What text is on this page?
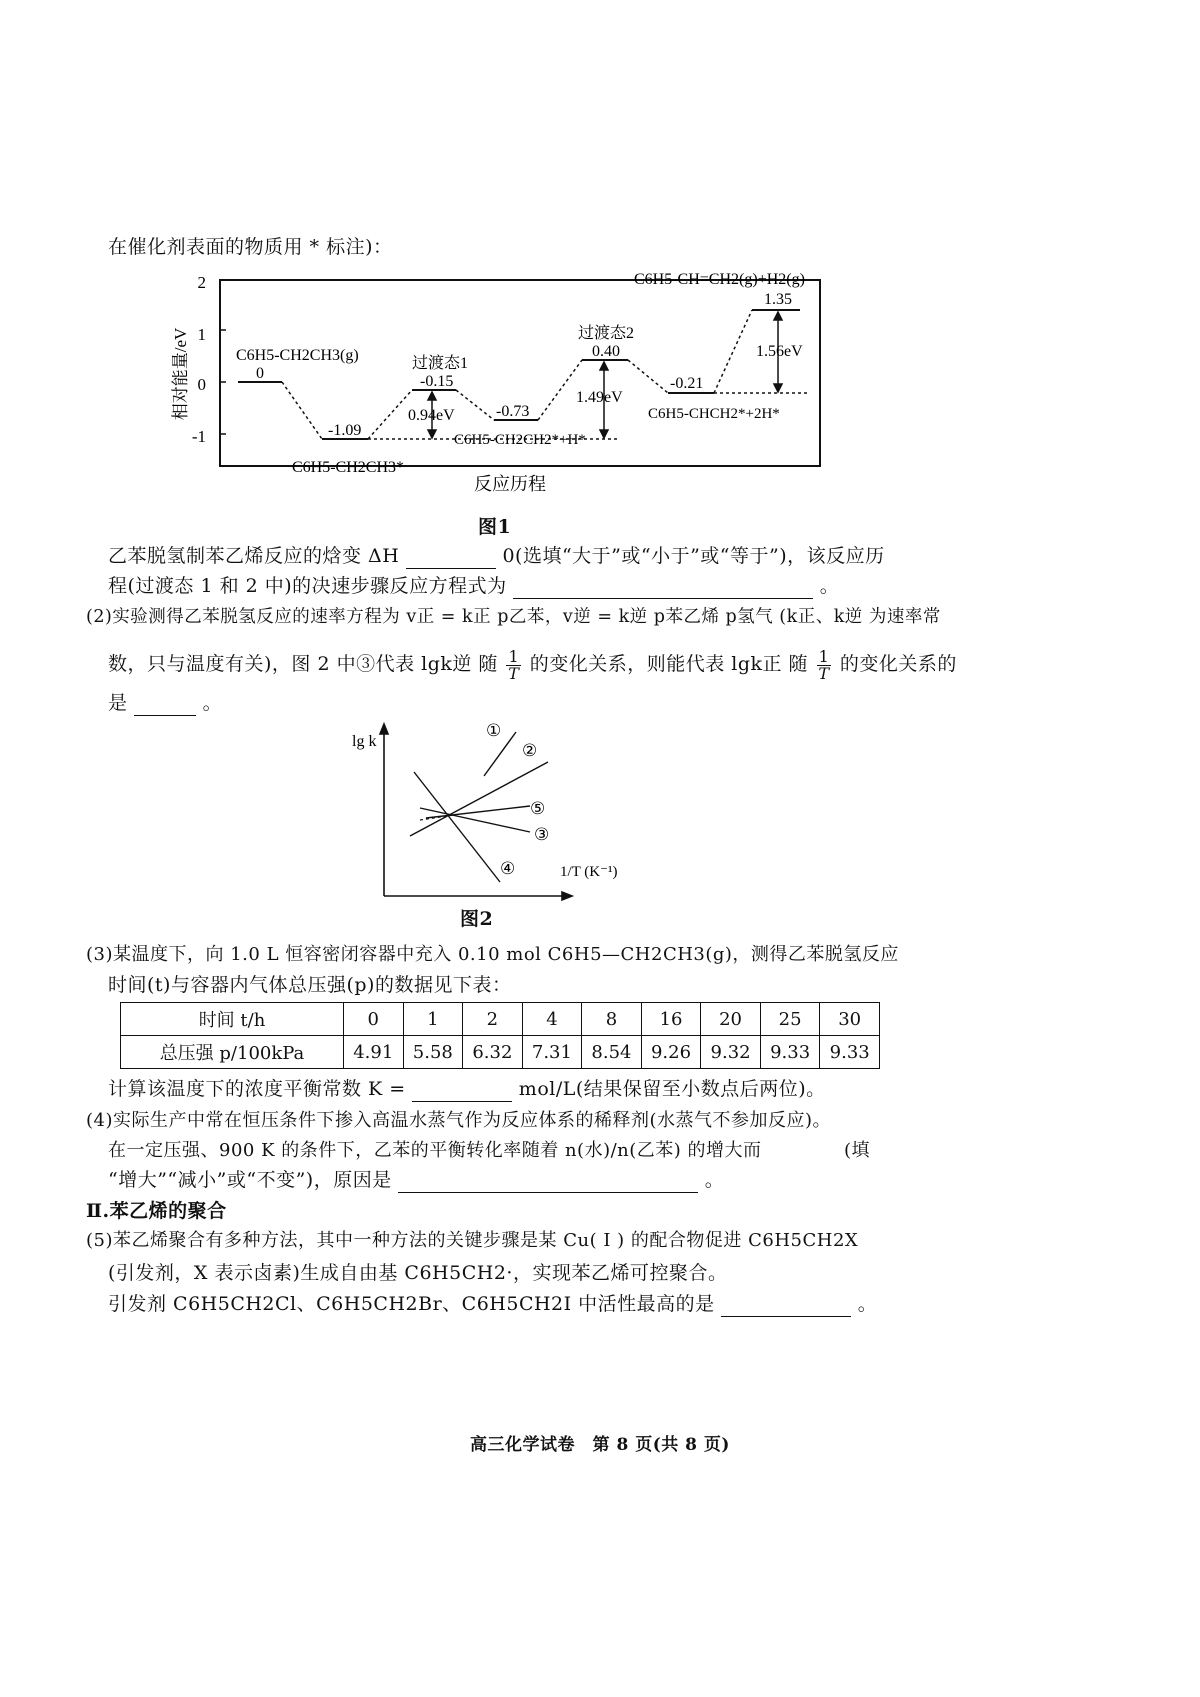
在催化剂表面的物质用 * 标注)：
2
1
0
-1
相对能量/eV	C6H5-CH2CH3(g)
0
-1.09
C6H5-CH2CH3*
过渡态1
-0.15
-0.73
C6H5-CH2CH2*+H*
过渡态2
0.40
-0.21
C6H5-CHCH2*+2H*
C6H5-CH=CH2(g)+H2(g)
1.35
0.94eV
1.49eV
1.56eV
反应历程
图1
乙苯脱氢制苯乙烯反应的焓变 ΔH	0(选填“大于”或“小于”或“等于”)，该反应历
程(过渡态 1 和 2 中)的决速步骤反应方程式为	。
(2)实验测得乙苯脱氢反应的速率方程为 v正 = k正 p乙苯，v逆 = k逆 p苯乙烯 p氢气 (k正、k逆 为速率常
数，只与温度有关)，图 2 中③代表 lgk逆 随 $\frac{1}{T}$ 的变化关系，则能代表 lgk正 随 $\frac{1}{T}$ 的变化关系的
是	。
lg k
1/T (K⁻¹)
①
②
⑤
③
④
图2
(3)某温度下，向 1.0 L 恒容密闭容器中充入 0.10 mol C6H5—CH2CH3(g)，测得乙苯脱氢反应
时间(t)与容器内气体总压强(p)的数据见下表：
时间 t/h	0	1	2	4	8	16	20	25	30
总压强 p/100kPa	4.91	5.58	6.32	7.31	8.54	9.26	9.32	9.33	9.33
计算该温度下的浓度平衡常数 K =	mol/L(结果保留至小数点后两位)。
(4)实际生产中常在恒压条件下掺入高温水蒸气作为反应体系的稀释剂(水蒸气不参加反应)。
在一定压强、900 K 的条件下，乙苯的平衡转化率随着 n(水)/n(乙苯) 的增大而	(填
“增大”“减小”或“不变”)，原因是	。
Ⅱ.苯乙烯的聚合
(5)苯乙烯聚合有多种方法，其中一种方法的关键步骤是某 Cu( Ⅰ ) 的配合物促进 C6H5CH2X
(引发剂，X 表示卤素)生成自由基 C6H5CH2·，实现苯乙烯可控聚合。
引发剂 C6H5CH2Cl、C6H5CH2Br、C6H5CH2I 中活性最高的是	。
高三化学试卷　第 8 页(共 8 页)
